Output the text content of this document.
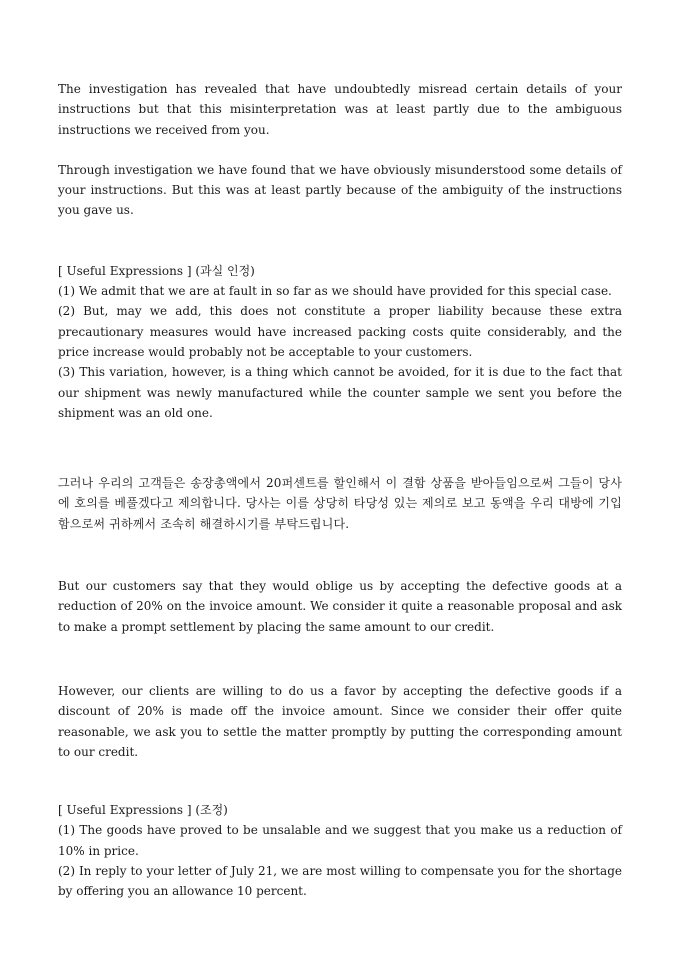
The investigation has revealed that have undoubtedly misread certain details of your instructions but that this misinterpretation was at least partly due to the ambiguous instructions we received from you.

Through investigation we have found that we have obviously misunderstood some details of your instructions. But this was at least partly because of the ambiguity of the instructions you gave us.

[ Useful Expressions ] (과실 인정)

(1) We admit that we are at fault in so far as we should have provided for this special case.

(2) But, may we add, this does not constitute a proper liability because these extra precautionary measures would have increased packing costs quite considerably, and the price increase would probably not be acceptable to your customers.

(3) This variation, however, is a thing which cannot be avoided, for it is due to the fact that our shipment was newly manufactured while the counter sample we sent you before the shipment was an old one.

그러나 우리의 고객들은 송장총액에서 20퍼센트를 할인해서 이 결함 상품을 받아들임으로써 그들이 당사에 호의를 베풀겠다고 제의합니다. 당사는 이를 상당히 타당성 있는 제의로 보고 동액을 우리 대방에 기입함으로써 귀하께서 조속히 해결하시기를 부탁드립니다.

But our customers say that they would oblige us by accepting the defective goods at a reduction of 20% on the invoice amount. We consider it quite a reasonable proposal and ask to make a prompt settlement by placing the same amount to our credit.

However, our clients are willing to do us a favor by accepting the defective goods if a discount of 20% is made off the invoice amount. Since we consider their offer quite reasonable, we ask you to settle the matter promptly by putting the corresponding amount to our credit.

[ Useful Expressions ] (조정)

(1) The goods have proved to be unsalable and we suggest that you make us a reduction of 10% in price.

(2) In reply to your letter of July 21, we are most willing to compensate you for the shortage by offering you an allowance 10 percent.
